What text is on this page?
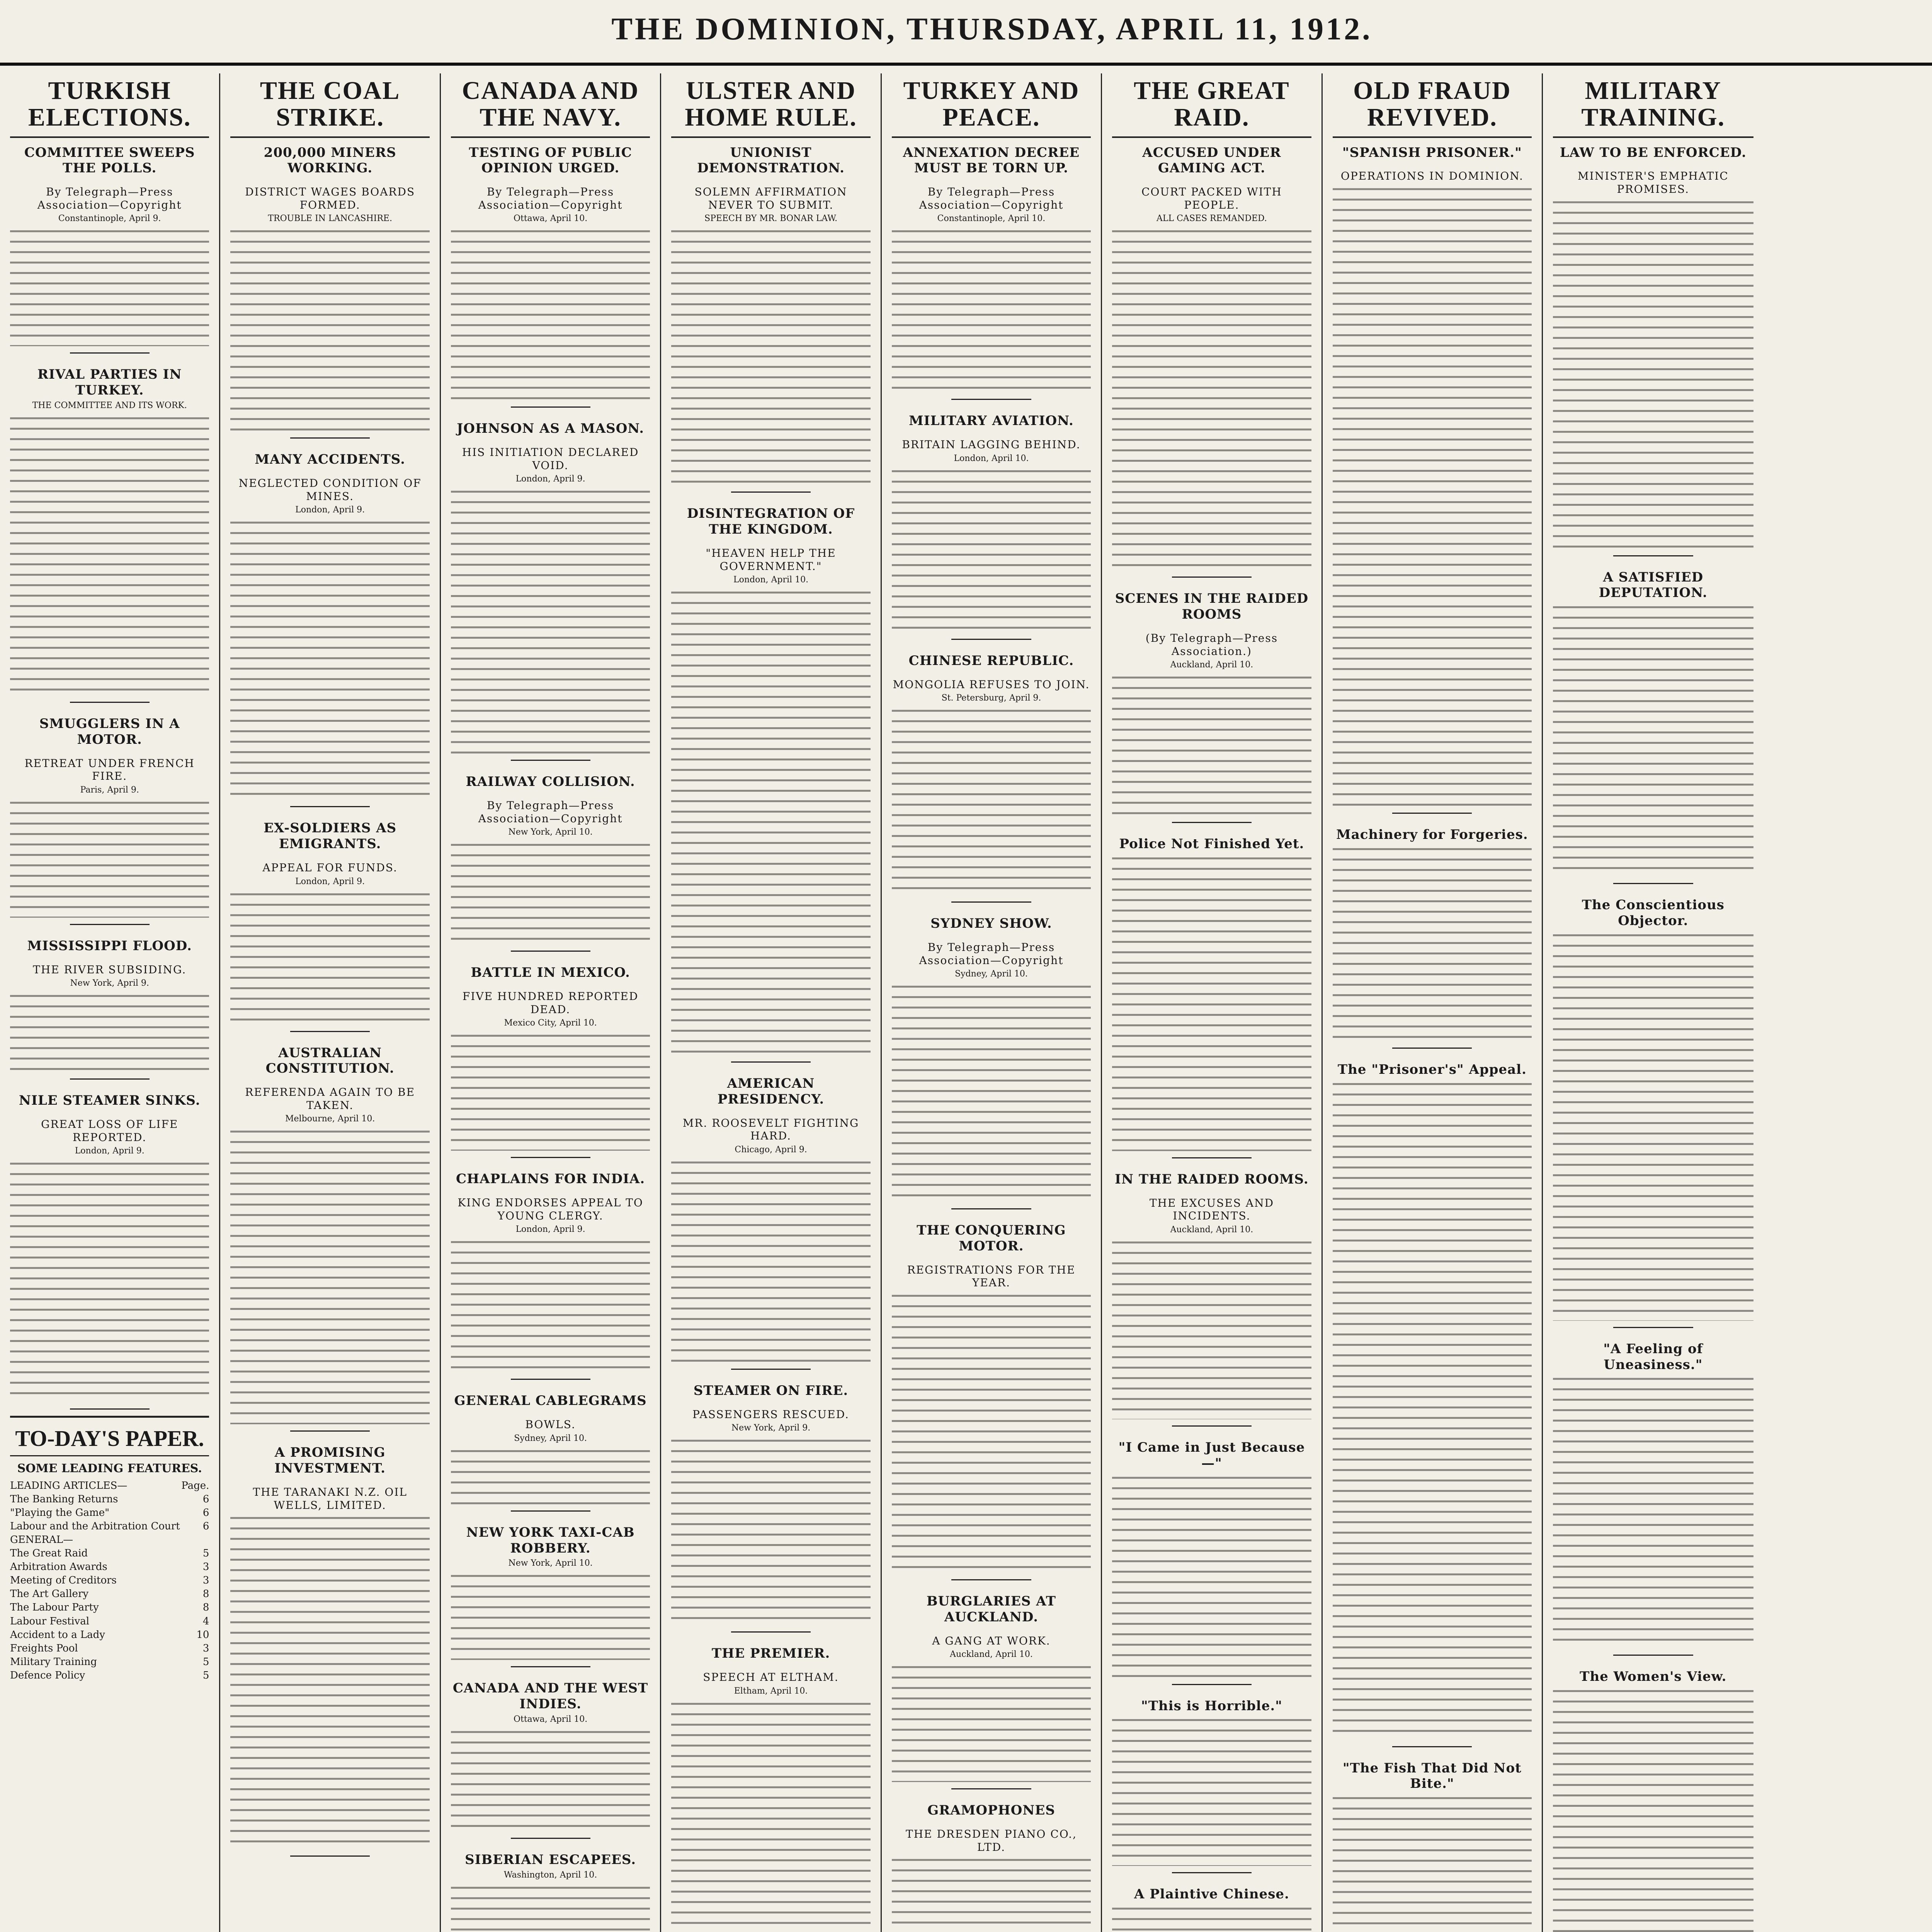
THE DOMINION, THURSDAY, APRIL 11, 1912.
TURKISH ELECTIONS.
COMMITTEE SWEEPS THE POLLS.
By Telegraph—Press Association—Copyright
Constantinople, April 9.
RIVAL PARTIES IN TURKEY.
THE COMMITTEE AND ITS WORK.
SMUGGLERS IN A MOTOR.
RETREAT UNDER FRENCH FIRE.
Paris, April 9.
MISSISSIPPI FLOOD.
THE RIVER SUBSIDING.
New York, April 9.
NILE STEAMER SINKS.
GREAT LOSS OF LIFE REPORTED.
London, April 9.
TO-DAY'S PAPER.
SOME LEADING FEATURES.
LEADING ARTICLES—	Page.
The Banking Returns	6
"Playing the Game"	6
Labour and the Arbitration Court 6
GENERAL—
The Great Raid	5
Arbitration Awards	3
Meeting of Creditors	3
The Art Gallery	8
The Labour Party	8
Labour Festival	4
Accident to a Lady	10
Freights Pool	3
Military Training	5
Defence Policy	5
THE COAL STRIKE.
200,000 MINERS WORKING.
DISTRICT WAGES BOARDS FORMED.
TROUBLE IN LANCASHIRE.
MANY ACCIDENTS.
NEGLECTED CONDITION OF MINES.
London, April 9.
EX-SOLDIERS AS EMIGRANTS.
APPEAL FOR FUNDS.
London, April 9.
AUSTRALIAN CONSTITUTION.
REFERENDA AGAIN TO BE TAKEN.
Melbourne, April 10.
A PROMISING INVESTMENT.
THE TARANAKI N.Z. OIL WELLS, LIMITED.
CANADA AND THE NAVY.
TESTING OF PUBLIC OPINION URGED.
By Telegraph—Press Association—Copyright
Ottawa, April 10.
JOHNSON AS A MASON.
HIS INITIATION DECLARED VOID.
London, April 9.
RAILWAY COLLISION.
By Telegraph—Press Association—Copyright
New York, April 10.
BATTLE IN MEXICO.
FIVE HUNDRED REPORTED DEAD.
Mexico City, April 10.
CHAPLAINS FOR INDIA.
KING ENDORSES APPEAL TO YOUNG CLERGY.
London, April 9.
GENERAL CABLEGRAMS
BOWLS.
Sydney, April 10.
NEW YORK TAXI-CAB ROBBERY.
New York, April 10.
CANADA AND THE WEST INDIES.
Ottawa, April 10.
SIBERIAN ESCAPEES.
Washington, April 10.
ULSTER AND HOME RULE.
UNIONIST DEMONSTRATION.
SOLEMN AFFIRMATION NEVER TO SUBMIT.
SPEECH BY MR. BONAR LAW.
DISINTEGRATION OF THE KINGDOM.
"HEAVEN HELP THE GOVERNMENT."
London, April 10.
AMERICAN PRESIDENCY.
MR. ROOSEVELT FIGHTING HARD.
Chicago, April 9.
STEAMER ON FIRE.
PASSENGERS RESCUED.
New York, April 9.
THE PREMIER.
SPEECH AT ELTHAM.
Eltham, April 10.
TURKEY AND PEACE.
ANNEXATION DECREE MUST BE TORN UP.
By Telegraph—Press Association—Copyright
Constantinople, April 10.
MILITARY AVIATION.
BRITAIN LAGGING BEHIND.
London, April 10.
CHINESE REPUBLIC.
MONGOLIA REFUSES TO JOIN.
St. Petersburg, April 9.
SYDNEY SHOW.
By Telegraph—Press Association—Copyright
Sydney, April 10.
THE CONQUERING MOTOR.
REGISTRATIONS FOR THE YEAR.
BURGLARIES AT AUCKLAND.
A GANG AT WORK.
Auckland, April 10.
GRAMOPHONES
THE DRESDEN PIANO CO., LTD.
THE GREAT RAID.
ACCUSED UNDER GAMING ACT.
COURT PACKED WITH PEOPLE.
ALL CASES REMANDED.
SCENES IN THE RAIDED ROOMS
(By Telegraph—Press Association.)
Auckland, April 10.
Police Not Finished Yet.
IN THE RAIDED ROOMS.
THE EXCUSES AND INCIDENTS.
Auckland, April 10.
"I Came in Just Because—"
"This is Horrible."
A Plaintive Chinese.
OLD FRAUD REVIVED.
"SPANISH PRISONER."
OPERATIONS IN DOMINION.
Machinery for Forgeries.
The "Prisoner's" Appeal.
"The Fish That Did Not Bite."
MILITARY TRAINING.
LAW TO BE ENFORCED.
MINISTER'S EMPHATIC PROMISES.
A SATISFIED DEPUTATION.
The Conscientious Objector.
"A Feeling of Uneasiness."
The Women's View.
